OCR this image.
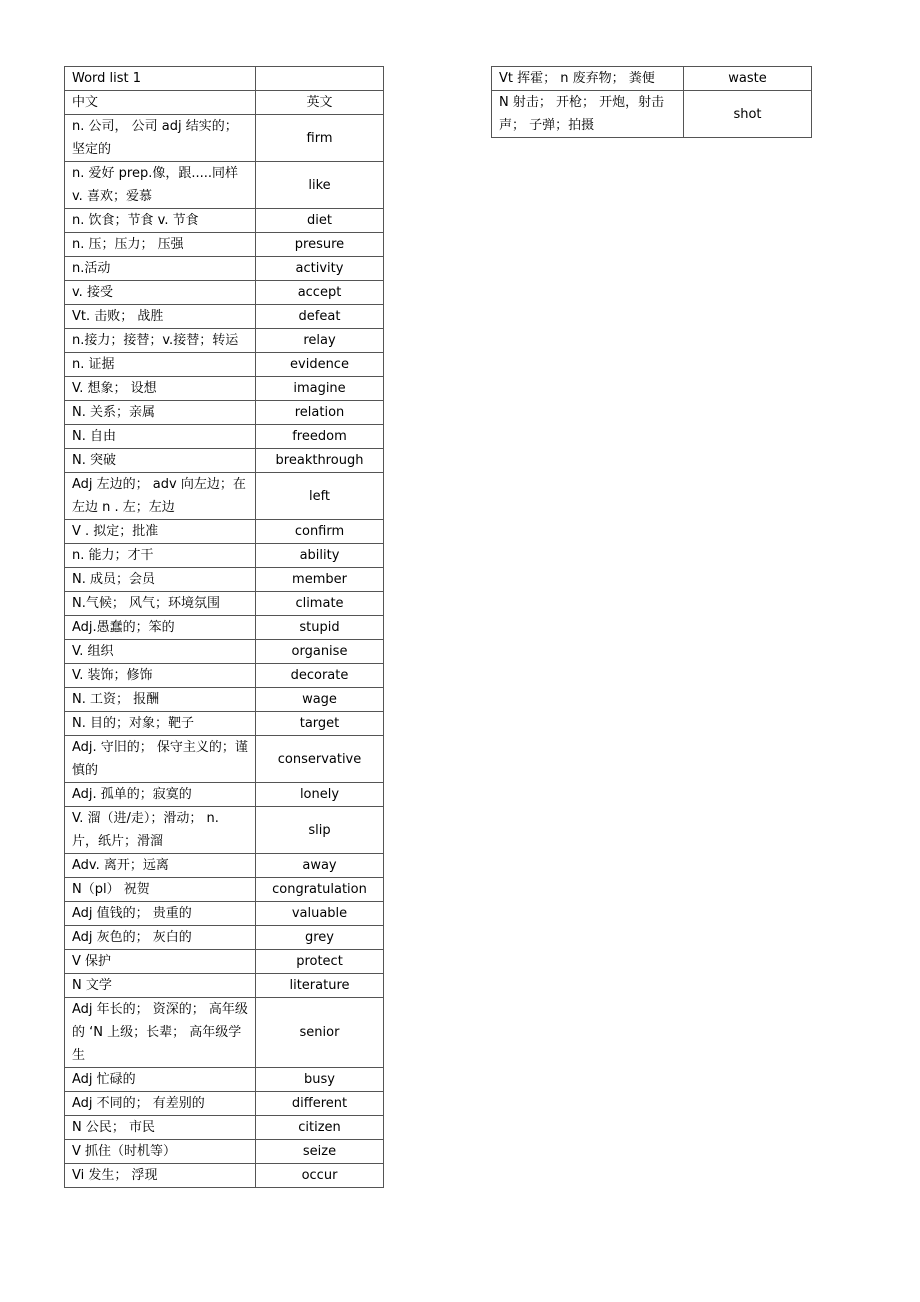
Word list 1	
中文	英文
n. 公司， 公司 adj 结实的；坚定的	firm
n. 爱好 prep.像，跟.....同样 v. 喜欢；爱慕	like
n. 饮食；节食 v. 节食	diet
n. 压；压力； 压强	presure
n.活动	activity
v. 接受	accept
Vt. 击败； 战胜	defeat
n.接力；接替；v.接替；转运	relay
n. 证据	evidence
V. 想象； 设想	imagine
N. 关系；亲属	relation
N. 自由	freedom
N. 突破	breakthrough
Adj 左边的； adv 向左边；在左边 n . 左；左边	left
V . 拟定；批准	confirm
n. 能力；才干	ability
N. 成员；会员	member
N.气候； 风气；环境氛围	climate
Adj.愚蠢的；笨的	stupid
V. 组织	organise
V. 装饰；修饰	decorate
N. 工资； 报酬	wage
N. 目的；对象；靶子	target
Adj. 守旧的； 保守主义的；谨慎的	conservative
Adj. 孤单的；寂寞的	lonely
V. 溜（进/走）；滑动； n. 片，纸片；滑溜	slip
Adv. 离开；远离	away
N（pl） 祝贺	congratulation
Adj 值钱的； 贵重的	valuable
Adj 灰色的； 灰白的	grey
V 保护	protect
N 文学	literature
Adj 年长的； 资深的； 高年级的 ‘N 上级；长辈； 高年级学生	senior
Adj 忙碌的	busy
Adj 不同的； 有差别的	different
N 公民； 市民	citizen
V 抓住（时机等）	seize
Vi 发生； 浮现	occur
Vt 挥霍； n 废弃物； 粪便	waste
N 射击； 开枪； 开炮，射击声； 子弹；拍摄	shot
